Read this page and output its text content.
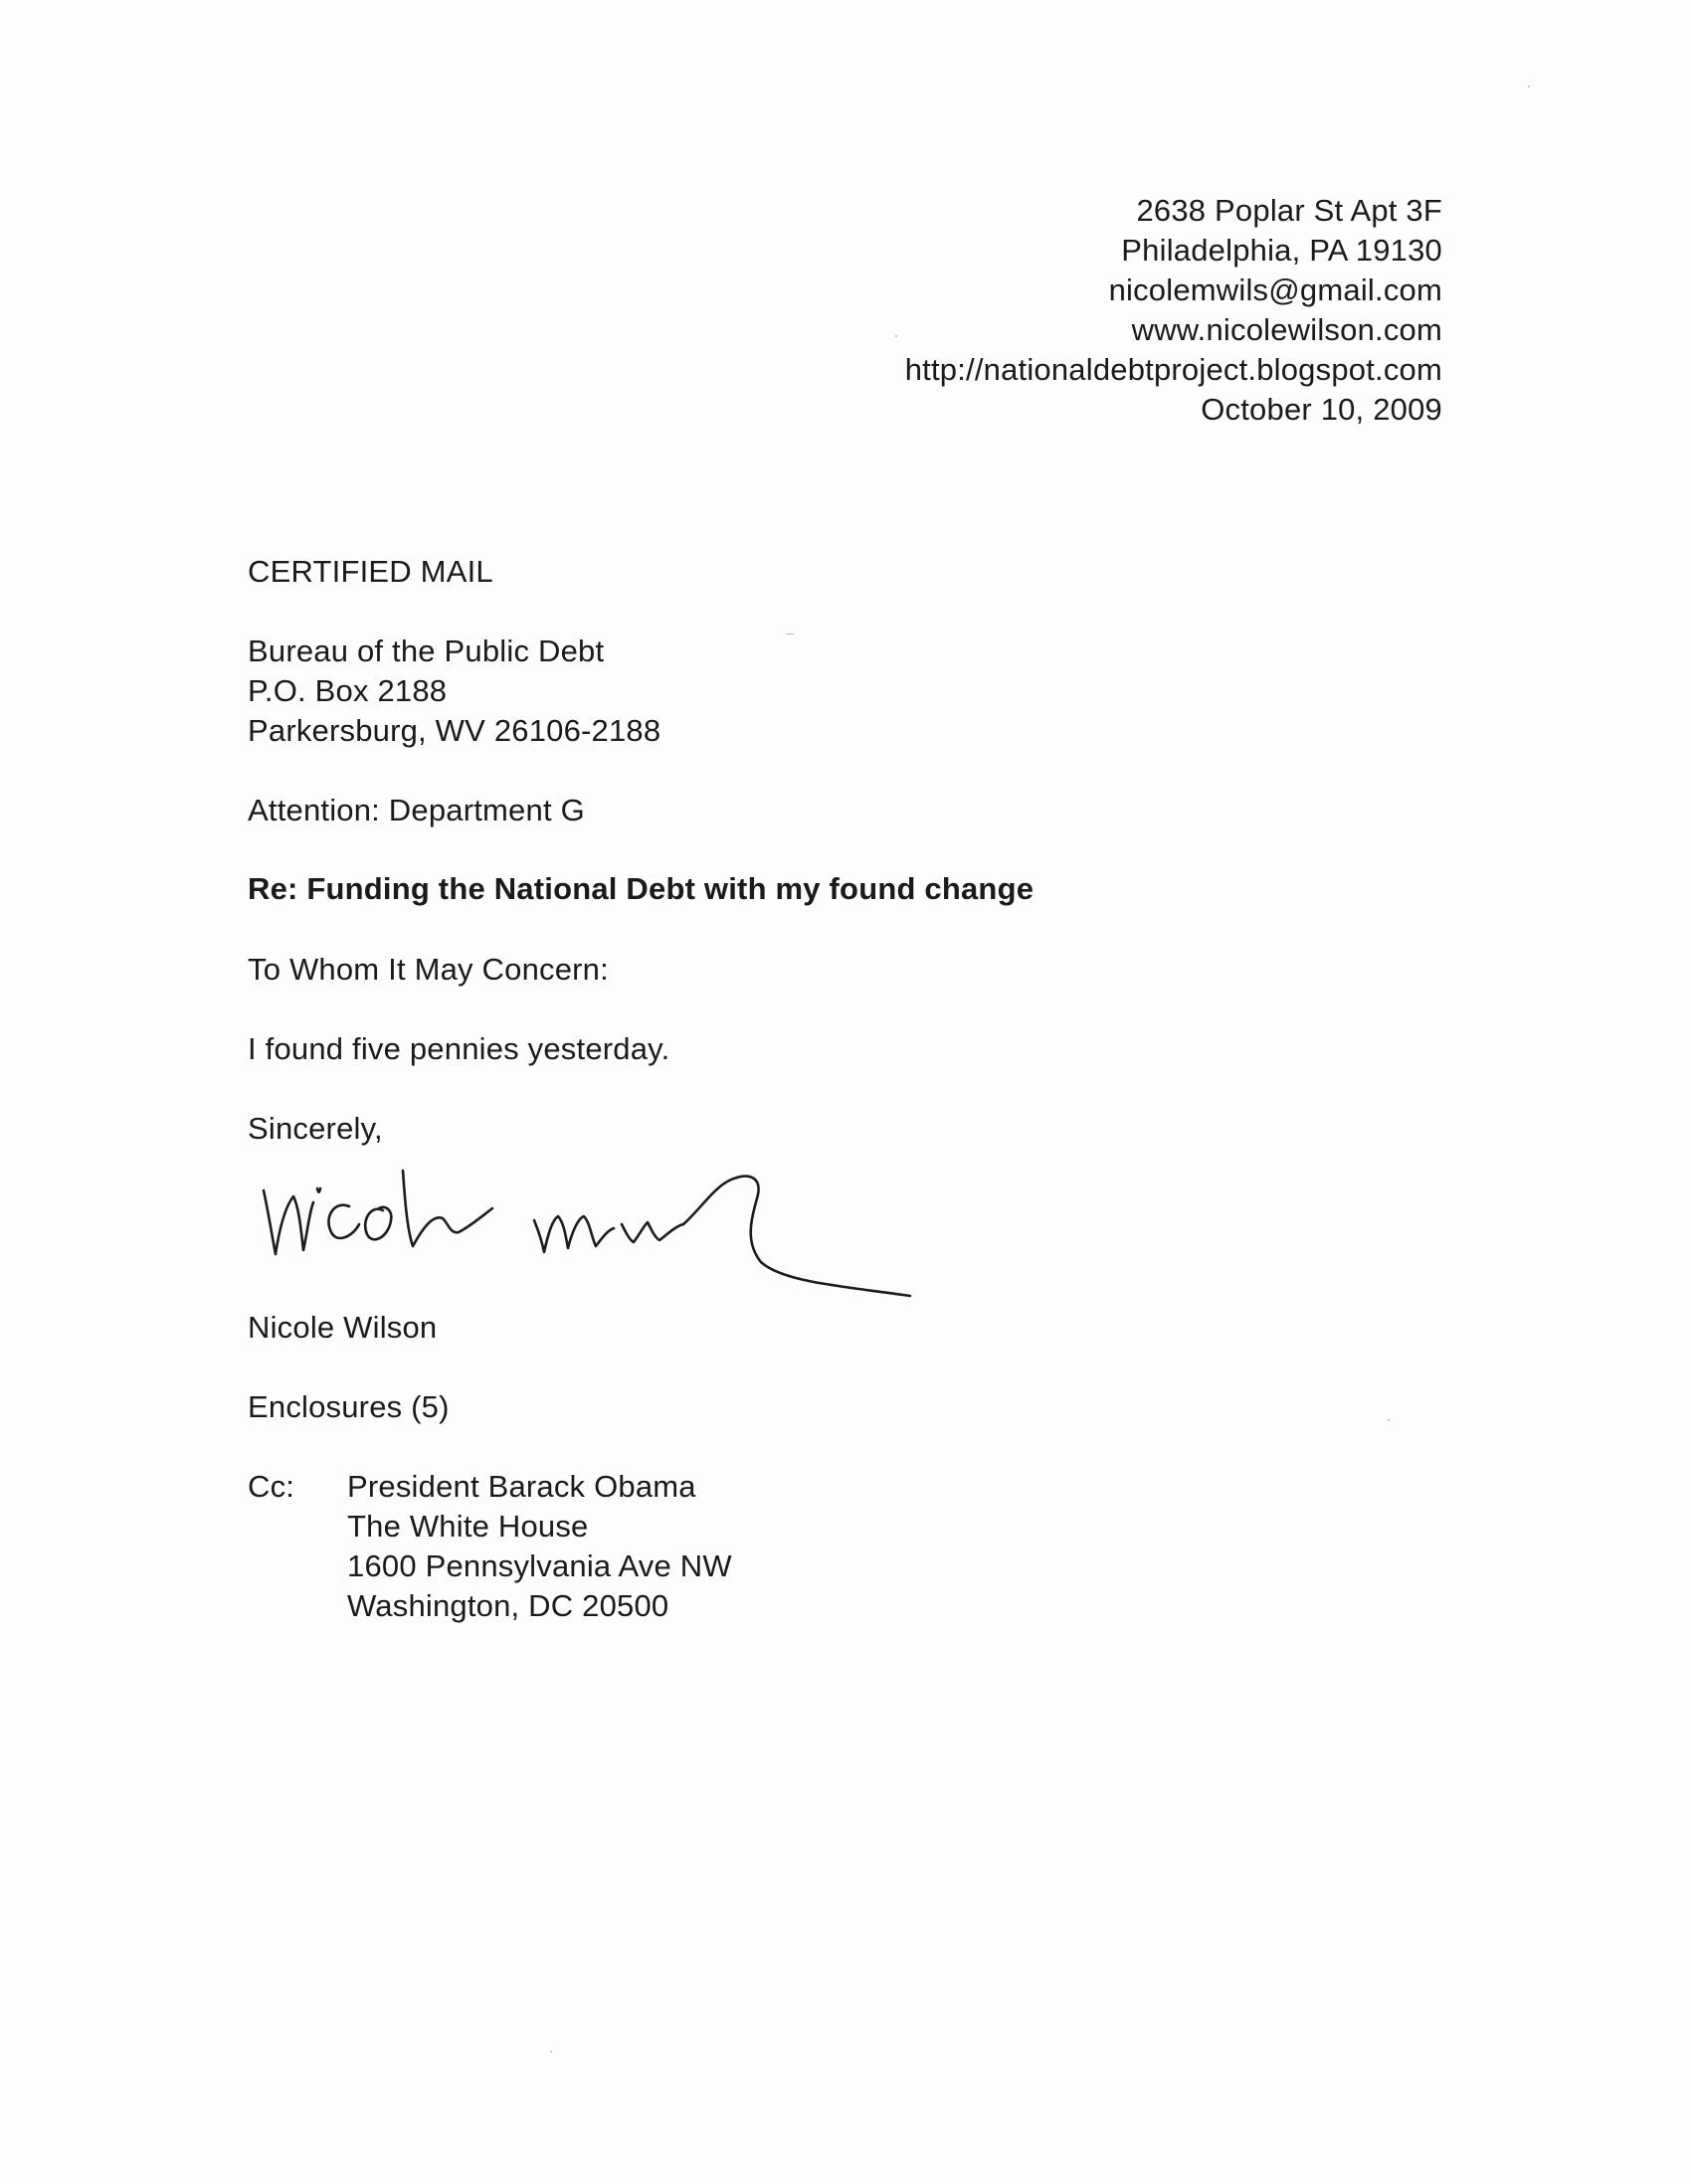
2638 Poplar St Apt 3F
Philadelphia, PA 19130
nicolemwils@gmail.com
www.nicolewilson.com
http://nationaldebtproject.blogspot.com
October 10, 2009
CERTIFIED MAIL
Bureau of the Public Debt
P.O. Box 2188
Parkersburg, WV 26106-2188
Attention: Department G
Re: Funding the National Debt with my found change
To Whom It May Concern:
I found five pennies yesterday.
Sincerely,
Nicole Wilson
Enclosures (5)
Cc: President Barack Obama
The White House
1600 Pennsylvania Ave NW
Washington, DC 20500
